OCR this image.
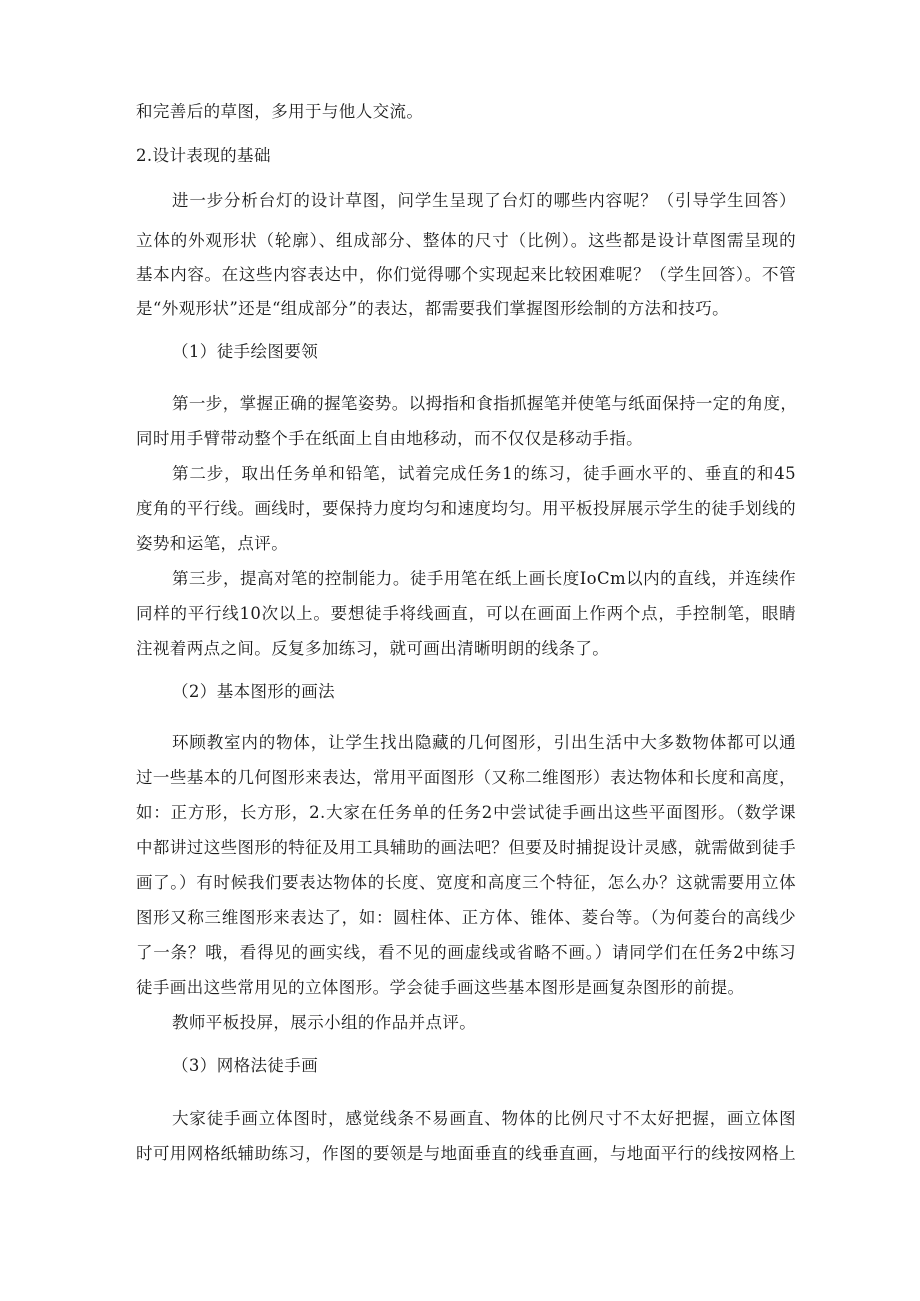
和完善后的草图，多用于与他人交流。

2.设计表现的基础

进一步分析台灯的设计草图，问学生呈现了台灯的哪些内容呢？（引导学生回答）

立体的外观形状（轮廓）、组成部分、整体的尺寸（比例）。这些都是设计草图需呈现的

基本内容。在这些内容表达中，你们觉得哪个实现起来比较困难呢？（学生回答）。不管

是“外观形状”还是“组成部分”的表达，都需要我们掌握图形绘制的方法和技巧。

（1）徒手绘图要领

第一步，掌握正确的握笔姿势。以拇指和食指抓握笔并使笔与纸面保持一定的角度，

同时用手臂带动整个手在纸面上自由地移动，而不仅仅是移动手指。

第二步，取出任务单和铅笔，试着完成任务1的练习，徒手画水平的、垂直的和45

度角的平行线。画线时，要保持力度均匀和速度均匀。用平板投屏展示学生的徒手划线的

姿势和运笔，点评。

第三步，提高对笔的控制能力。徒手用笔在纸上画长度IoCm以内的直线，并连续作

同样的平行线10次以上。要想徒手将线画直，可以在画面上作两个点，手控制笔，眼睛

注视着两点之间。反复多加练习，就可画出清晰明朗的线条了。

（2）基本图形的画法

环顾教室内的物体，让学生找出隐藏的几何图形，引出生活中大多数物体都可以通

过一些基本的几何图形来表达，常用平面图形（又称二维图形）表达物体和长度和高度，

如：正方形，长方形，2.大家在任务单的任务2中尝试徒手画出这些平面图形。（数学课

中都讲过这些图形的特征及用工具辅助的画法吧？但要及时捕捉设计灵感，就需做到徒手

画了。）有时候我们要表达物体的长度、宽度和高度三个特征，怎么办？这就需要用立体

图形又称三维图形来表达了，如：圆柱体、正方体、锥体、菱台等。（为何菱台的高线少

了一条？哦，看得见的画实线，看不见的画虚线或省略不画。）请同学们在任务2中练习

徒手画出这些常用见的立体图形。学会徒手画这些基本图形是画复杂图形的前提。

教师平板投屏，展示小组的作品并点评。

（3）网格法徒手画

大家徒手画立体图时，感觉线条不易画直、物体的比例尺寸不太好把握，画立体图

时可用网格纸辅助练习，作图的要领是与地面垂直的线垂直画，与地面平行的线按网格上
